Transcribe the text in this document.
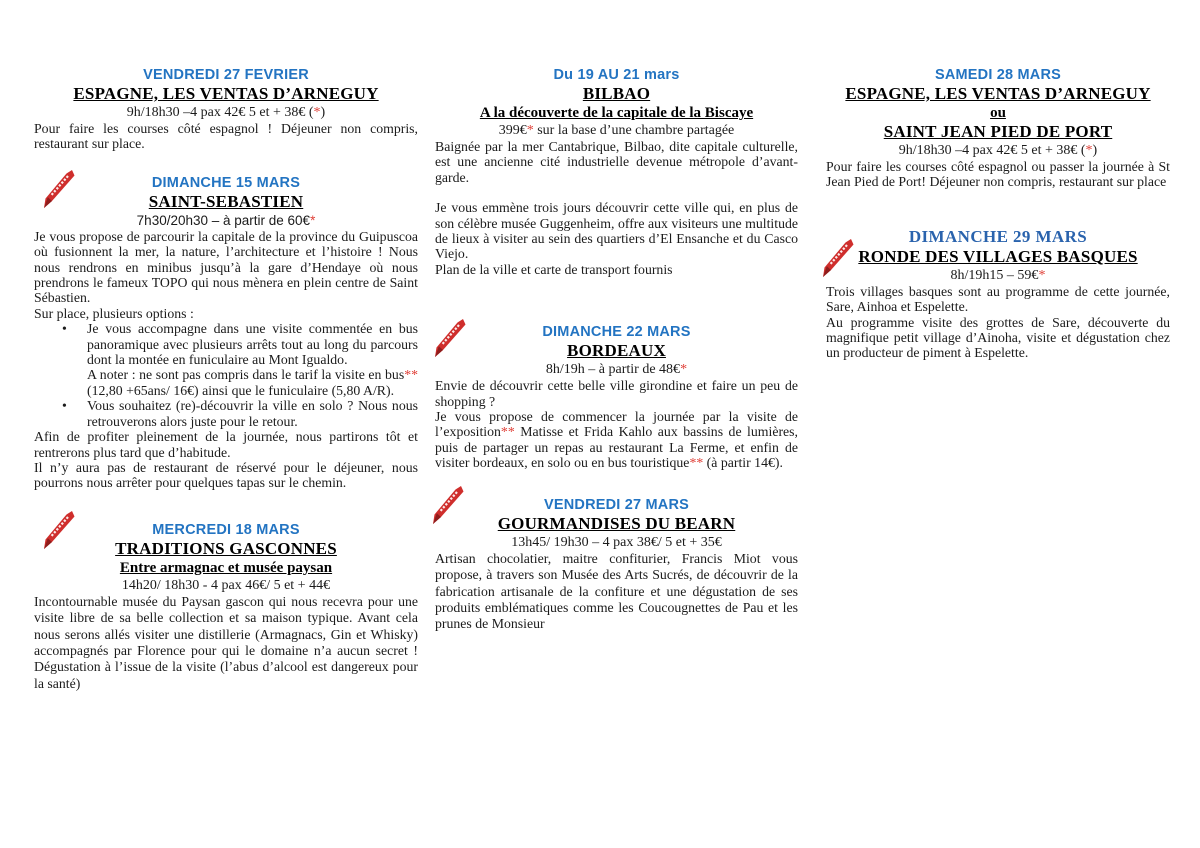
VENDREDI 27 FEVRIER
ESPAGNE, LES VENTAS D’ARNEGUY
9h/18h30 –4 pax 42€ 5 et + 38€ (*)

Pour faire les courses côté espagnol ! Déjeuner non compris, restaurant sur place.

DIMANCHE 15 MARS
SAINT-SEBASTIEN
7h30/20h30 – à partir de 60€*

Je vous propose de parcourir la capitale de la province du Guipuscoa où fusionnent la mer, la nature, l’architecture et l’histoire ! Nous nous rendrons en minibus jusqu’à la gare d’Hendaye où nous prendrons le fameux TOPO qui nous mènera en plein centre de Saint Sébastien.

Sur place, plusieurs options :

• Je vous accompagne dans une visite commentée en bus panoramique avec plusieurs arrêts tout au long du parcours dont la montée en funiculaire au Mont Igualdo.
A noter : ne sont pas compris dans le tarif la visite en bus** (12,80 +65ans/ 16€) ainsi que le funiculaire (5,80 A/R).
• Vous souhaitez (re)-découvrir la ville en solo ? Nous nous retrouverons alors juste pour le retour.

Afin de profiter pleinement de la journée, nous partirons tôt et rentrerons plus tard que d’habitude.

Il n’y aura pas de restaurant de réservé pour le déjeuner, nous pourrons nous arrêter pour quelques tapas sur le chemin.

MERCREDI 18 MARS
TRADITIONS GASCONNES
Entre armagnac et musée paysan
14h20/ 18h30 - 4 pax 46€/ 5 et + 44€

Incontournable musée du Paysan gascon qui nous recevra pour une visite libre de sa belle collection et sa maison typique. Avant cela nous serons allés visiter une distillerie (Armagnacs, Gin et Whisky) accompagnés par Florence pour qui le domaine n’a aucun secret ! Dégustation à l’issue de la visite (l’abus d’alcool est dangereux pour la santé)

Du 19 AU 21 mars
BILBAO
A la découverte de la capitale de la Biscaye
399€* sur la base d’une chambre partagée

Baignée par la mer Cantabrique, Bilbao, dite capitale culturelle, est une ancienne cité industrielle devenue métropole d’avant-garde.

Je vous emmène trois jours découvrir cette ville qui, en plus de son célèbre musée Guggenheim, offre aux visiteurs une multitude de lieux à visiter au sein des quartiers d’El Ensanche et du Casco Viejo.

Plan de la ville et carte de transport fournis

DIMANCHE 22 MARS
BORDEAUX
8h/19h – à partir de 48€*

Envie de découvrir cette belle ville girondine et faire un peu de shopping ?

Je vous propose de commencer la journée par la visite de l’exposition** Matisse et Frida Kahlo aux bassins de lumières, puis de partager un repas au restaurant La Ferme, et enfin de visiter bordeaux, en solo ou en bus touristique** (à partir 14€).

VENDREDI 27 MARS
GOURMANDISES DU BEARN
13h45/ 19h30 – 4 pax 38€/ 5 et + 35€

Artisan chocolatier, maitre confiturier, Francis Miot vous propose, à travers son Musée des Arts Sucrés, de découvrir de la fabrication artisanale de la confiture et une dégustation de ses produits emblématiques comme les Coucougnettes de Pau et les prunes de Monsieur

SAMEDI 28 MARS
ESPAGNE, LES VENTAS D’ARNEGUY
ou
SAINT JEAN PIED DE PORT
9h/18h30 –4 pax 42€ 5 et + 38€ (*)

Pour faire les courses côté espagnol ou passer la journée à St Jean Pied de Port! Déjeuner non compris, restaurant sur place

DIMANCHE 29 MARS
RONDE DES VILLAGES BASQUES
8h/19h15 – 59€*

Trois villages basques sont au programme de cette journée, Sare, Ainhoa et Espelette.

Au programme visite des grottes de Sare, découverte du magnifique petit village d’Ainoha, visite et dégustation chez un producteur de piment à Espelette.
